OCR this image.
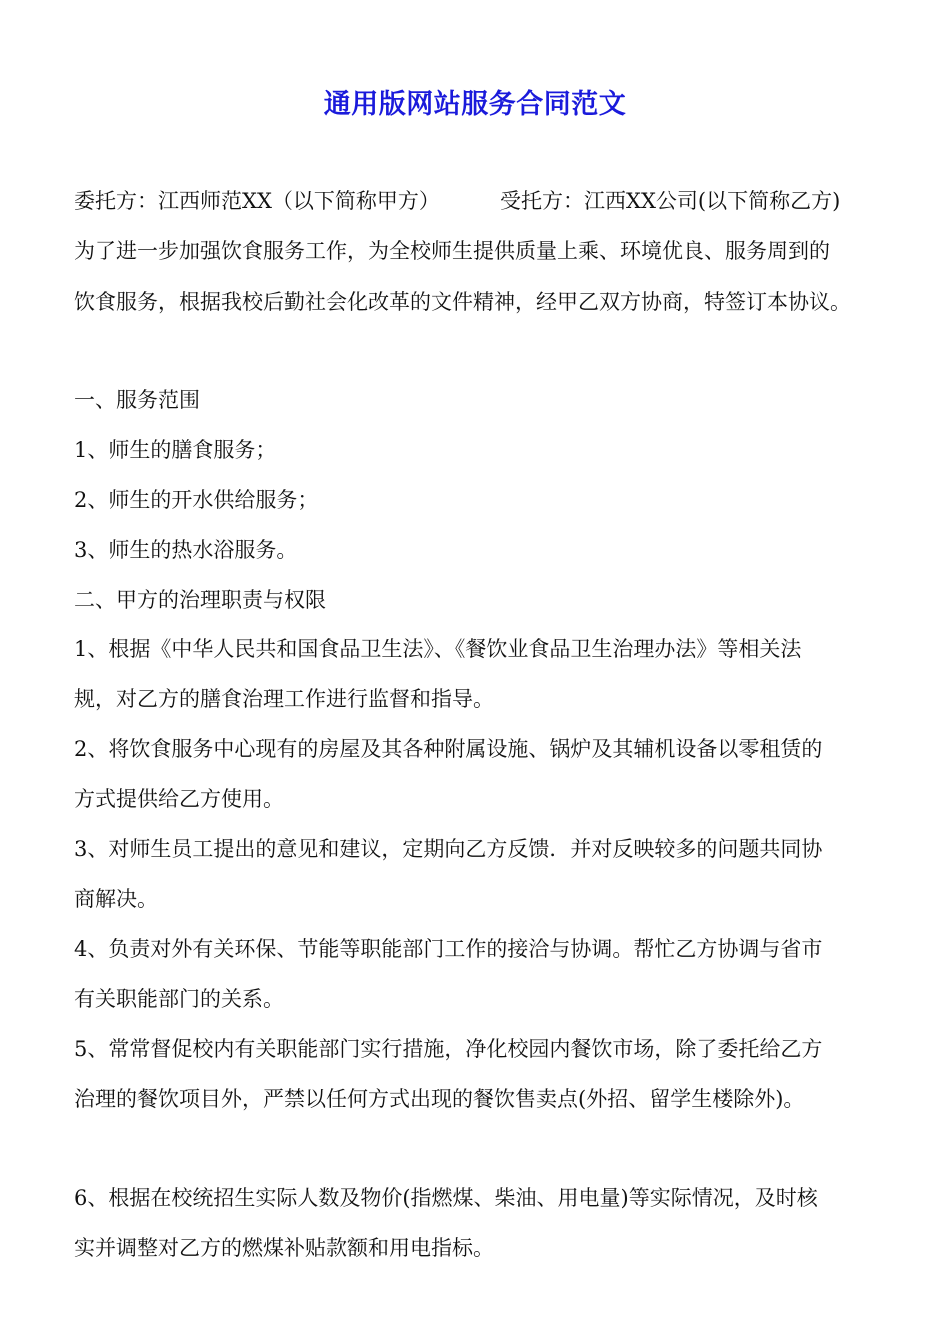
通用版网站服务合同范文
委托方：江西师范XX（以下简称甲方）	受托方：江西XX公司(以下简称乙方)
为了进一步加强饮食服务工作，为全校师生提供质量上乘、环境优良、服务周到的
饮食服务，根据我校后勤社会化改革的文件精神，经甲乙双方协商，特签订本协议。
一、服务范围
1、师生的膳食服务；
2、师生的开水供给服务；
3、师生的热水浴服务。
二、甲方的治理职责与权限
1、根据《中华人民共和国食品卫生法》、《餐饮业食品卫生治理办法》等相关法
规，对乙方的膳食治理工作进行监督和指导。
2、将饮食服务中心现有的房屋及其各种附属设施、锅炉及其辅机设备以零租赁的
方式提供给乙方使用。
3、对师生员工提出的意见和建议，定期向乙方反馈．并对反映较多的问题共同协
商解决。
4、负责对外有关环保、节能等职能部门工作的接洽与协调。帮忙乙方协调与省市
有关职能部门的关系。
5、常常督促校内有关职能部门实行措施，净化校园内餐饮市场，除了委托给乙方
治理的餐饮项目外，严禁以任何方式出现的餐饮售卖点(外招、留学生楼除外)。
6、根据在校统招生实际人数及物价(指燃煤、柴油、用电量)等实际情况，及时核
实并调整对乙方的燃煤补贴款额和用电指标。
